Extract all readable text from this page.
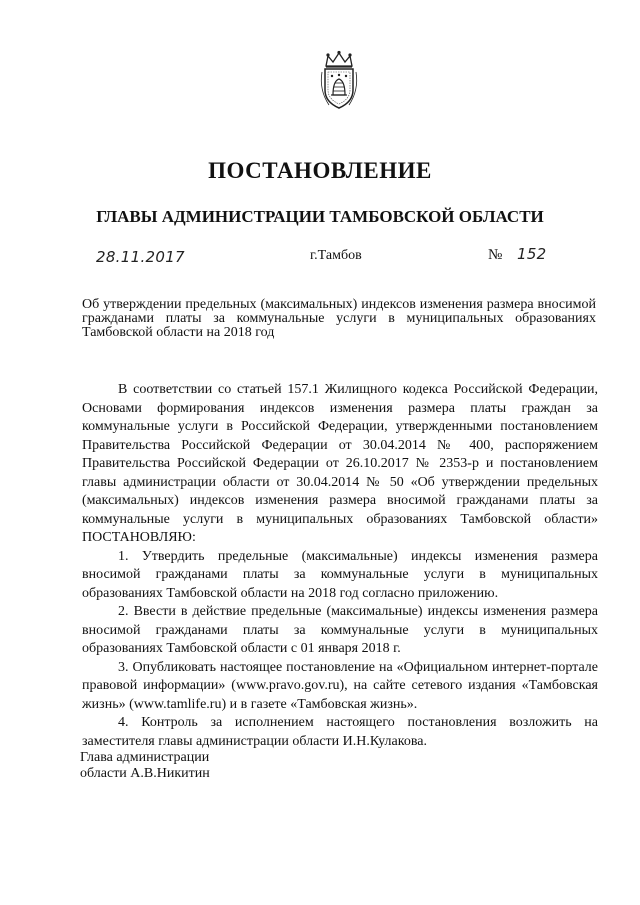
ПОСТАНОВЛЕНИЕ
ГЛАВЫ АДМИНИСТРАЦИИ ТАМБОВСКОЙ ОБЛАСТИ
28.11.2017	г.Тамбов	№ 152
Об утверждении предельных (максимальных) индексов изменения размера вносимой гражданами платы за коммунальные услуги в муниципальных образованиях Тамбовской области на 2018 год

В соответствии со статьей 157.1 Жилищного кодекса Российской Федерации, Основами формирования индексов изменения размера платы граждан за коммунальные услуги в Российской Федерации, утвержденными постановлением Правительства Российской Федерации от 30.04.2014 № 400, распоряжением Правительства Российской Федерации от 26.10.2017 № 2353-р и постановлением главы администрации области от 30.04.2014 № 50 «Об утверждении предельных (максимальных) индексов изменения размера вносимой гражданами платы за коммунальные услуги в муниципальных образованиях Тамбовской области» ПОСТАНОВЛЯЮ:

1. Утвердить предельные (максимальные) индексы изменения размера вносимой гражданами платы за коммунальные услуги в муниципальных образованиях Тамбовской области на 2018 год согласно приложению.

2. Ввести в действие предельные (максимальные) индексы изменения размера вносимой гражданами платы за коммунальные услуги в муниципальных образованиях Тамбовской области с 01 января 2018 г.

3. Опубликовать настоящее постановление на «Официальном интернет-портале правовой информации» (www.pravo.gov.ru), на сайте сетевого издания «Тамбовская жизнь» (www.tamlife.ru) и в газете «Тамбовская жизнь».

4. Контроль за исполнением настоящего постановления возложить на заместителя главы администрации области И.Н.Кулакова.

Глава администрации
области А.В.Никитин
